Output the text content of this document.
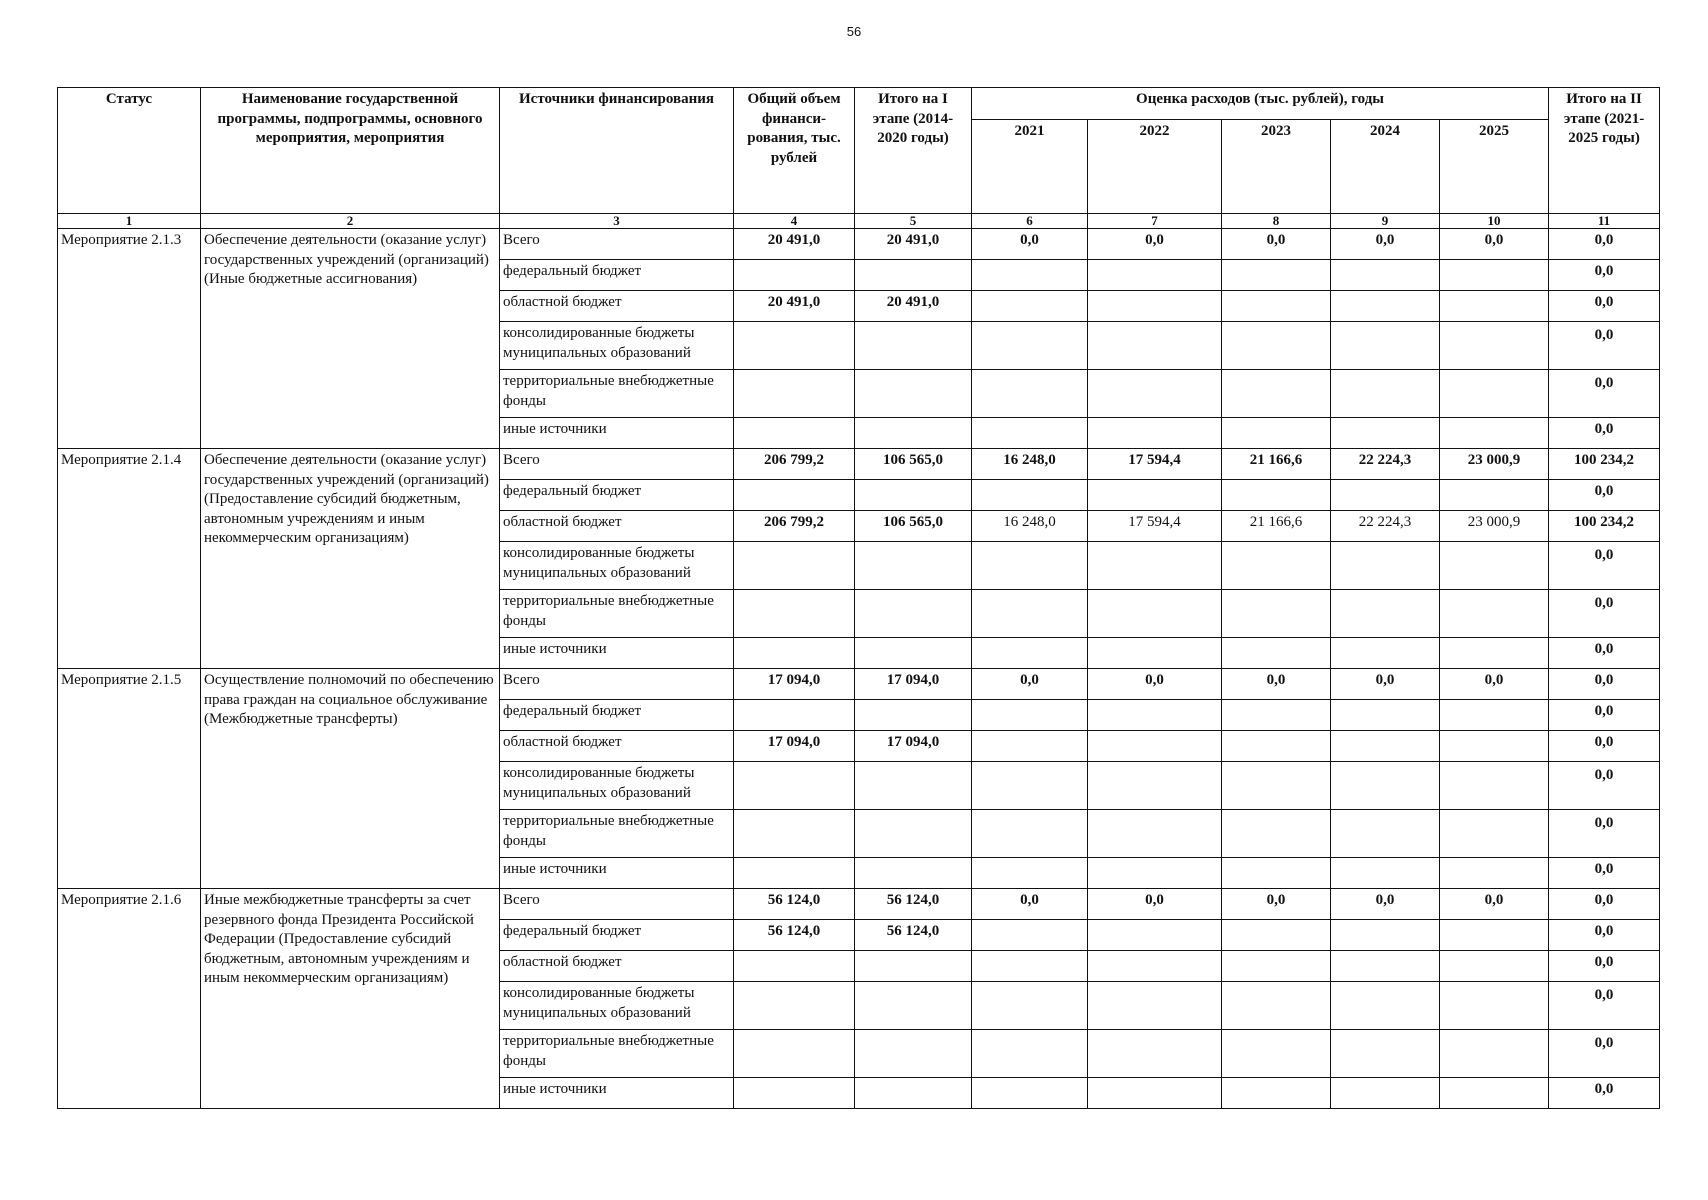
56
Статус	Наименование государственной программы, подпрограммы, основного мероприятия, мероприятия	Источники финансирования	Общий объем финанси-рования, тыс. рублей	Итого на I этапе (2014-2020 годы)	Оценка расходов (тыс. рублей), годы					Итого на II этапе (2021-2025 годы)
					2021	2022	2023	2024	2025	
1	2	3	4	5	6	7	8	9	10	11
Мероприятие 2.1.3	Обеспечение деятельности (оказание услуг) государственных учреждений (организаций) (Иные бюджетные ассигнования)	Всего	20 491,0	20 491,0	0,0	0,0	0,0	0,0	0,0	0,0
		федеральный бюджет								0,0
		областной бюджет	20 491,0	20 491,0						0,0
		консолидированные бюджеты муниципальных образований								0,0
		территориальные внебюджетные фонды								0,0
		иные источники								0,0
Мероприятие 2.1.4	Обеспечение деятельности (оказание услуг) государственных учреждений (организаций) (Предоставление субсидий бюджетным, автономным учреждениям и иным некоммерческим организациям)	Всего	206 799,2	106 565,0	16 248,0	17 594,4	21 166,6	22 224,3	23 000,9	100 234,2
		федеральный бюджет								0,0
		областной бюджет	206 799,2	106 565,0	16 248,0	17 594,4	21 166,6	22 224,3	23 000,9	100 234,2
		консолидированные бюджеты муниципальных образований								0,0
		территориальные внебюджетные фонды								0,0
		иные источники								0,0
Мероприятие 2.1.5	Осуществление полномочий по обеспечению права граждан на социальное обслуживание (Межбюджетные трансферты)	Всего	17 094,0	17 094,0	0,0	0,0	0,0	0,0	0,0	0,0
		федеральный бюджет								0,0
		областной бюджет	17 094,0	17 094,0						0,0
		консолидированные бюджеты муниципальных образований								0,0
		территориальные внебюджетные фонды								0,0
		иные источники								0,0
Мероприятие 2.1.6	Иные межбюджетные трансферты за счет резервного фонда Президента Российской Федерации (Предоставление субсидий бюджетным, автономным учреждениям и иным некоммерческим организациям)	Всего	56 124,0	56 124,0	0,0	0,0	0,0	0,0	0,0	0,0
		федеральный бюджет	56 124,0	56 124,0						0,0
		областной бюджет								0,0
		консолидированные бюджеты муниципальных образований								0,0
		территориальные внебюджетные фонды								0,0
		иные источники								0,0
